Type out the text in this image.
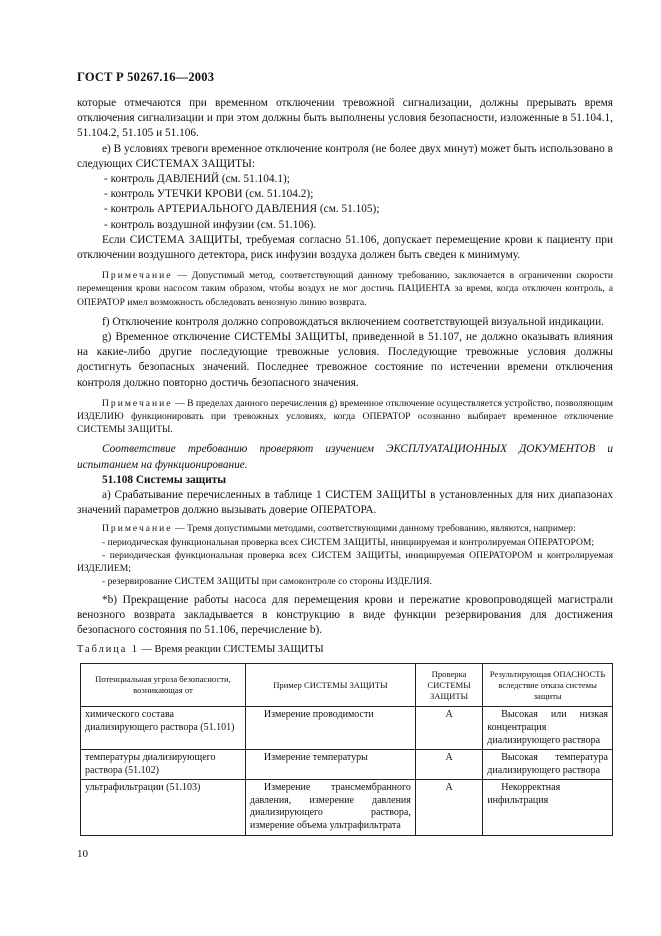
ГОСТ Р 50267.16—2003

которые отмечаются при временном отключении тревожной сигнализации, должны прерывать время отключения сигнализации и при этом должны быть выполнены условия безопасности, изложенные в 51.104.1, 51.104.2, 51.105 и 51.106.

е) В условиях тревоги временное отключение контроля (не более двух минут) может быть использовано в следующих СИСТЕМАХ ЗАЩИТЫ:

- контроль ДАВЛЕНИЙ (см. 51.104.1);

- контроль УТЕЧКИ КРОВИ (см. 51.104.2);

- контроль АРТЕРИАЛЬНОГО ДАВЛЕНИЯ (см. 51.105);

- контроль воздушной инфузии (см. 51.106).

Если СИСТЕМА ЗАЩИТЫ, требуемая согласно 51.106, допускает перемещение крови к пациенту при отключении воздушного детектора, риск инфузии воздуха должен быть сведен к минимуму.

Примечание — Допустимый метод, соответствующий данному требованию, заключается в ограничении скорости перемещения крови насосом таким образом, чтобы воздух не мог достичь ПАЦИЕНТА за время, когда отключен контроль, а ОПЕРАТОР имел возможность обследовать венозную линию возврата.

f) Отключение контроля должно сопровождаться включением соответствующей визуальной индикации.

g) Временное отключение СИСТЕМЫ ЗАЩИТЫ, приведенной в 51.107, не должно оказывать влияния на какие-либо другие последующие тревожные условия. Последующие тревожные условия должны достигнуть безопасных значений. Последнее тревожное состояние по истечении времени отключения контроля должно повторно достичь безопасного значения.

Примечание — В пределах данного перечисления g) временное отключение осуществляется устройство, позволяющим ИЗДЕЛИЮ функционировать при тревожных условиях, когда ОПЕРАТОР осознанно выбирает временное отключение СИСТЕМЫ ЗАЩИТЫ.

Соответствие требованию проверяют изучением ЭКСПЛУАТАЦИОННЫХ ДОКУМЕНТОВ и испытанием на функционирование.

51.108 Системы защиты

а) Срабатывание перечисленных в таблице 1 СИСТЕМ ЗАЩИТЫ в установленных для них диапазонах значений параметров должно вызывать доверие ОПЕРАТОРА.

Примечание — Тремя допустимыми методами, соответствующими данному требованию, являются, например:

- периодическая функциональная проверка всех СИСТЕМ ЗАЩИТЫ, инициируемая и контролируемая ОПЕРАТОРОМ;

- периодическая функциональная проверка всех СИСТЕМ ЗАЩИТЫ, инициируемая ОПЕРАТОРОМ и контролируемая ИЗДЕЛИЕМ;

- резервирование СИСТЕМ ЗАЩИТЫ при самоконтроле со стороны ИЗДЕЛИЯ.

*b) Прекращение работы насоса для перемещения крови и пережатие кровопроводящей магистрали венозного возврата закладывается в конструкцию в виде функции резервирования для достижения безопасного состояния по 51.106, перечисление b).

Таблица 1 — Время реакции СИСТЕМЫ ЗАЩИТЫ

Потенциальная угроза безопасности, возникающая от	Пример СИСТЕМЫ ЗАЩИТЫ	Проверка СИСТЕМЫ ЗАЩИТЫ	Результирующая ОПАСНОСТЬ вследствие отказа системы защиты
химического состава диализирующего раствора (51.101)	Измерение проводимости	А	Высокая или низкая концентрация диализирующего раствора
температуры диализирующего раствора (51.102)	Измерение температуры	А	Высокая температура диализирующего раствора
ультрафильтрации (51.103)	Измерение трансмембранного давления, измерение давления диализирующего раствора, измерение объема ультрафильтрата	А	Некорректная инфильтрация
10
